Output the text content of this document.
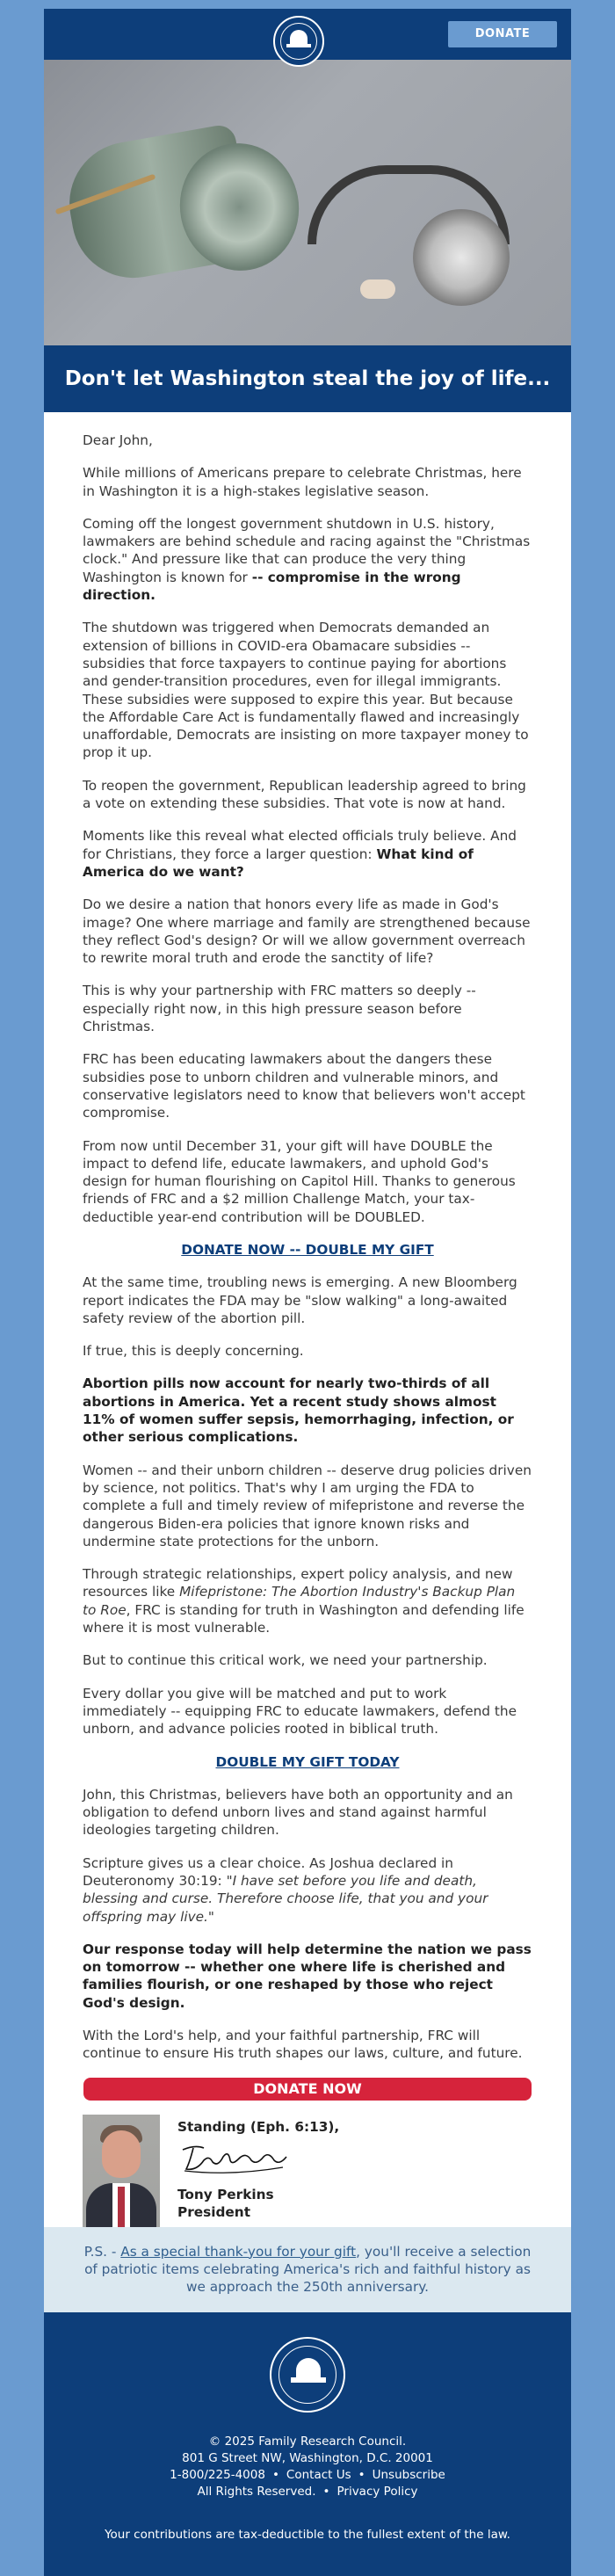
DONATE
Don't let Washington steal the joy of life...

Dear John,

While millions of Americans prepare to celebrate Christmas, here in Washington it is a high-stakes legislative season.

Coming off the longest government shutdown in U.S. history, lawmakers are behind schedule and racing against the "Christmas clock." And pressure like that can produce the very thing Washington is known for -- compromise in the wrong direction.

The shutdown was triggered when Democrats demanded an extension of billions in COVID-era Obamacare subsidies -- subsidies that force taxpayers to continue paying for abortions and gender-transition procedures, even for illegal immigrants. These subsidies were supposed to expire this year. But because the Affordable Care Act is fundamentally flawed and increasingly unaffordable, Democrats are insisting on more taxpayer money to prop it up.

To reopen the government, Republican leadership agreed to bring a vote on extending these subsidies. That vote is now at hand.

Moments like this reveal what elected officials truly believe. And for Christians, they force a larger question: What kind of America do we want?

Do we desire a nation that honors every life as made in God's image? One where marriage and family are strengthened because they reflect God's design? Or will we allow government overreach to rewrite moral truth and erode the sanctity of life?

This is why your partnership with FRC matters so deeply -- especially right now, in this high pressure season before Christmas.

FRC has been educating lawmakers about the dangers these subsidies pose to unborn children and vulnerable minors, and conservative legislators need to know that believers won't accept compromise.

From now until December 31, your gift will have DOUBLE the impact to defend life, educate lawmakers, and uphold God's design for human flourishing on Capitol Hill. Thanks to generous friends of FRC and a $2 million Challenge Match, your tax-deductible year-end contribution will be DOUBLED.

DONATE NOW -- DOUBLE MY GIFT

At the same time, troubling news is emerging. A new Bloomberg report indicates the FDA may be "slow walking" a long-awaited safety review of the abortion pill.

If true, this is deeply concerning.

Abortion pills now account for nearly two-thirds of all abortions in America. Yet a recent study shows almost 11% of women suffer sepsis, hemorrhaging, infection, or other serious complications.

Women -- and their unborn children -- deserve drug policies driven by science, not politics. That's why I am urging the FDA to complete a full and timely review of mifepristone and reverse the dangerous Biden-era policies that ignore known risks and undermine state protections for the unborn.

Through strategic relationships, expert policy analysis, and new resources like Mifepristone: The Abortion Industry's Backup Plan to Roe, FRC is standing for truth in Washington and defending life where it is most vulnerable.

But to continue this critical work, we need your partnership.

Every dollar you give will be matched and put to work immediately -- equipping FRC to educate lawmakers, defend the unborn, and advance policies rooted in biblical truth.

DOUBLE MY GIFT TODAY

John, this Christmas, believers have both an opportunity and an obligation to defend unborn lives and stand against harmful ideologies targeting children.

Scripture gives us a clear choice. As Joshua declared in Deuteronomy 30:19: "I have set before you life and death, blessing and curse. Therefore choose life, that you and your offspring may live."

Our response today will help determine the nation we pass on tomorrow -- whether one where life is cherished and families flourish, or one reshaped by those who reject God's design.

With the Lord's help, and your faithful partnership, FRC will continue to ensure His truth shapes our laws, culture, and future.

DONATE NOW
Standing (Eph. 6:13),
Tony Perkins
President
P.S. - As a special thank-you for your gift, you'll receive a selection of patriotic items celebrating America's rich and faithful history as we approach the 250th anniversary.
© 2025 Family Research Council.
801 G Street NW, Washington, D.C. 20001
1-800/225-4008 • Contact Us • Unsubscribe
All Rights Reserved. • Privacy Policy
Your contributions are tax-deductible to the fullest extent of the law.
